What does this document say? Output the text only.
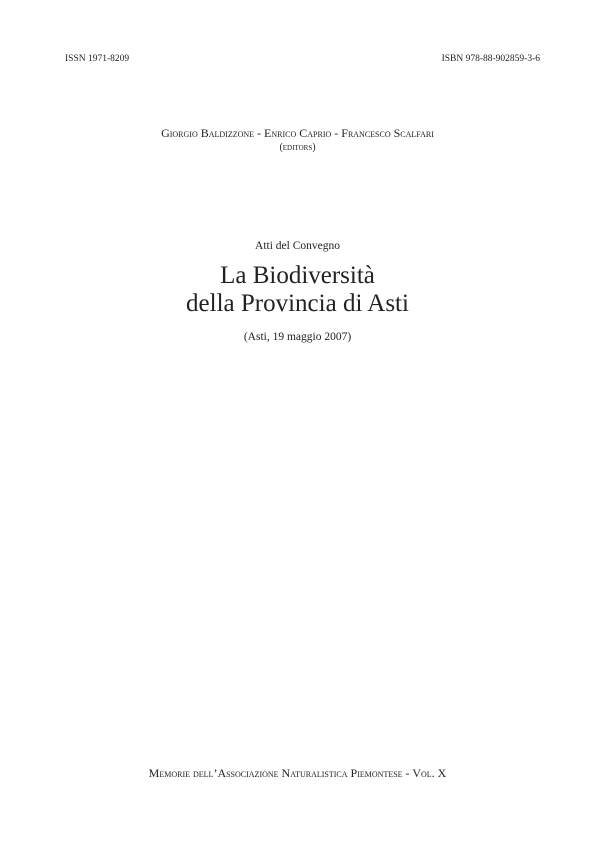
ISSN 1971-8209	ISBN 978-88-902859-3-6
Giorgio Baldizzone - Enrico Caprio - Francesco Scalfari
(editors)
Atti del Convegno
La Biodiversità
della Provincia di Asti
(Asti, 19 maggio 2007)
Memorie dell’Associazione Naturalistica Piemontese - Vol. X
